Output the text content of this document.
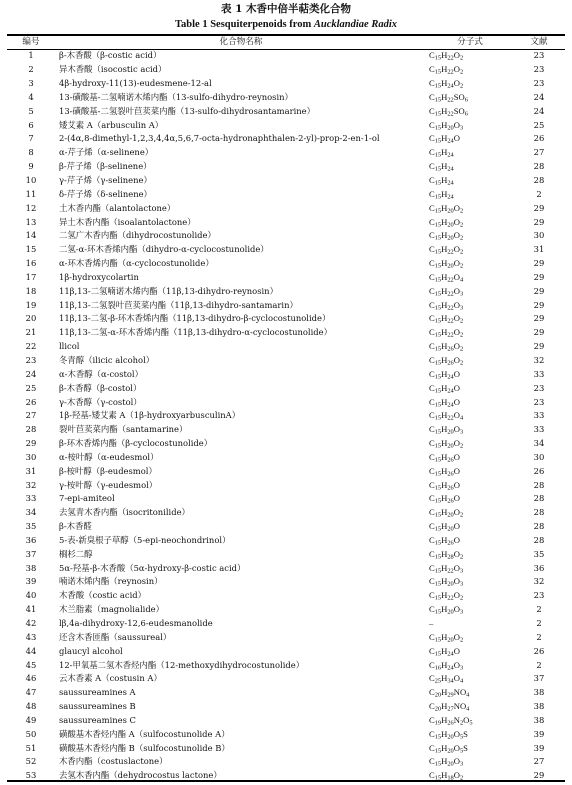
表 1 木香中倍半萜类化合物
Table 1 Sesquiterpenoids from Aucklandiae Radix
编号	化合物名称	分子式	文献
1	β-木香酸（β-costic acid）	$C_{15}H_{22}O_2$	23
2	异木香酸（isocostic acid）	$C_{15}H_{22}O_2$	23
3	4β-hydroxy-11(13)-eudesmene-12-al	$C_{15}H_{24}O_2$	23
4	13-磺酸基-二氢喃诺木烯内酯（13-sulfo-dihydro-reynosin）	$C_{15}H_{22}SO_6$	24
5	13-磺酸基-二氢裂叶苣荬菜内酯（13-sulfo-dihydrosantamarine）	$C_{15}H_{22}SO_6$	24
6	矮艾素 A（arbusculin A）	$C_{15}H_{20}O_3$	25
7	2-(4α,8-dimethyl-1,2,3,4,4α,5,6,7-octa-hydronaphthalen-2-yl)-prop-2-en-1-ol	$C_{15}H_{24}O$	26
8	α-芹子烯（α-selinene）	$C_{15}H_{24}$	27
9	β-芹子烯（β-selinene）	$C_{15}H_{24}$	28
10	γ-芹子烯（γ-selinene）	$C_{15}H_{24}$	28
11	δ-芹子烯（δ-selinene）	$C_{15}H_{24}$	2
12	土木香内酯（alantolactone）	$C_{15}H_{20}O_2$	29
13	异土木香内酯（isoalantolactone）	$C_{15}H_{20}O_2$	29
14	二氢广木香内酯（dihydrocostunolide）	$C_{15}H_{20}O_2$	30
15	二氢-α-环木香烯内酯（dihydro-α-cyclocostunolide）	$C_{15}H_{22}O_2$	31
16	α-环木香烯内酯（α-cyclocostunolide）	$C_{15}H_{20}O_2$	29
17	1β-hydroxycolartin	$C_{15}H_{22}O_4$	29
18	11β,13-二氢喃诺木烯内酯（11β,13-dihydro-reynosin）	$C_{15}H_{22}O_3$	29
19	11β,13-二氢裂叶苣荬菜内酯（11β,13-dihydro-santamarin）	$C_{15}H_{22}O_3$	29
20	11β,13-二氢-β-环木香烯内酯（11β,13-dihydro-β-cyclocostunolide）	$C_{15}H_{22}O_2$	29
21	11β,13-二氢-α-环木香烯内酯（11β,13-dihydro-α-cyclocostunolide）	$C_{15}H_{22}O_2$	29
22	llicol	$C_{15}H_{26}O_2$	29
23	冬青醇（ilicic alcohol）	$C_{15}H_{26}O_2$	32
24	α-木香醇（α-costol）	$C_{15}H_{24}O$	33
25	β-木香醇（β-costol）	$C_{15}H_{24}O$	23
26	γ-木香醇（γ-costol）	$C_{15}H_{24}O$	23
27	1β-羟基-矮艾素 A（1β-hydroxyarbusculinA）	$C_{15}H_{22}O_4$	33
28	裂叶苣荬菜内酯（santamarine）	$C_{15}H_{20}O_3$	33
29	β-环木香烯内酯（β-cyclocostunolide）	$C_{15}H_{20}O_2$	34
30	α-桉叶醇（α-eudesmol）	$C_{15}H_{26}O$	30
31	β-桉叶醇（β-eudesmol）	$C_{15}H_{26}O$	26
32	γ-桉叶醇（γ-eudesmol）	$C_{15}H_{26}O$	28
33	7-epi-amiteol	$C_{15}H_{26}O$	28
34	去氢青木香内酯（isocritonilide）	$C_{15}H_{20}O_2$	28
35	β-木香醛	$C_{15}H_{20}O$	28
36	5-表-新臭根子草醇（5-epi-neochondrinol）	$C_{15}H_{26}O$	28
37	榈杉二醇	$C_{15}H_{28}O_2$	35
38	5α-羟基-β-木香酸（5α-hydroxy-β-costic acid）	$C_{15}H_{22}O_3$	36
39	喃诺木烯内酯（reynosin）	$C_{15}H_{20}O_3$	32
40	木香酸（costic acid）	$C_{15}H_{22}O_2$	23
41	木兰脂素（magnolialide）	$C_{15}H_{20}O_3$	2
42	lβ,4a-dihydroxy-12,6-eudesmanolide	–	2
43	还含木香匝酯（saussureal）	$C_{15}H_{20}O_2$	2
44	glaucyl alcohol	$C_{15}H_{24}O$	26
45	12-甲氧基二氢木香烃内酯（12-methoxydihydrocostunolide）	$C_{16}H_{24}O_3$	2
46	云木香素 A（costusin A）	$C_{25}H_{34}O_4$	37
47	saussureamines A	$C_{20}H_{29}NO_4$	38
48	saussureamines B	$C_{20}H_{27}NO_4$	38
49	saussureamines C	$C_{19}H_{26}N_2O_5$	38
50	磺酸基木香烃内酯 A（sulfocostunolide A）	$C_{15}H_{20}O_5S$	39
51	磺酸基木香烃内酯 B（sulfocostunolide B）	$C_{15}H_{20}O_5S$	39
52	木香内酯（costuslactone）	$C_{15}H_{20}O_3$	27
53	去氢木香内酯（dehydrocostus lactone）	$C_{15}H_{18}O_2$	29
